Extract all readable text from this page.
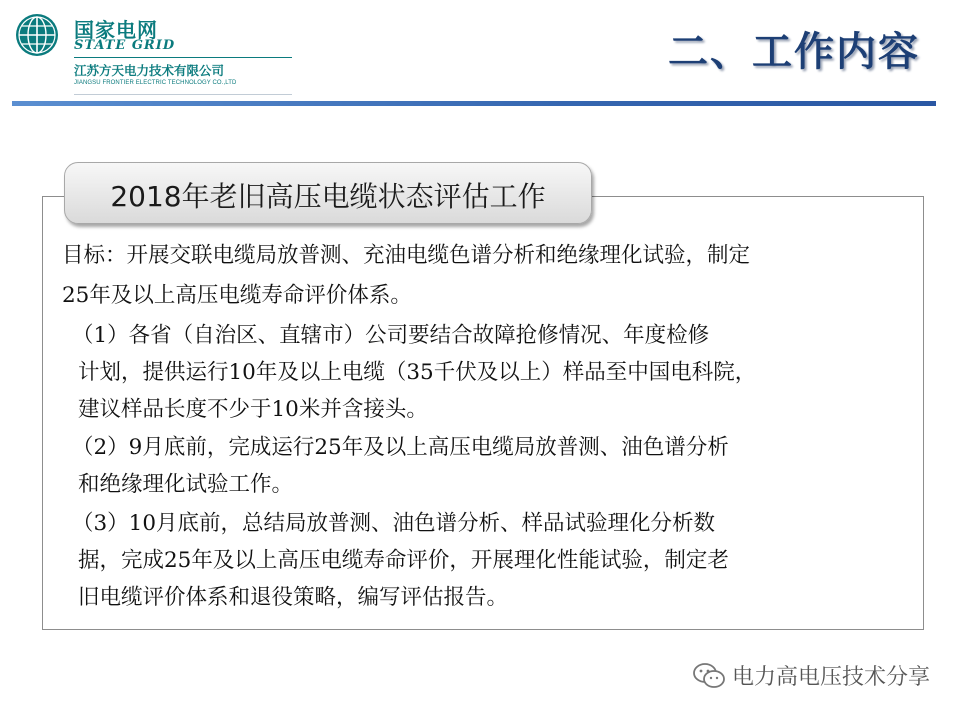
国家电网
STATE GRID
江苏方天电力技术有限公司
JIANGSU FRONTIER ELECTRIC TECHNOLOGY CO.,LTD
二、工作内容
2018年老旧高压电缆状态评估工作
目标：开展交联电缆局放普测、充油电缆色谱分析和绝缘理化试验，制定
25年及以上高压电缆寿命评价体系。
（1）各省（自治区、直辖市）公司要结合故障抢修情况、年度检修
计划，提供运行10年及以上电缆（35千伏及以上）样品至中国电科院，
建议样品长度不少于10米并含接头。
（2）9月底前，完成运行25年及以上高压电缆局放普测、油色谱分析
和绝缘理化试验工作。
（3）10月底前，总结局放普测、油色谱分析、样品试验理化分析数
据，完成25年及以上高压电缆寿命评价，开展理化性能试验，制定老
旧电缆评价体系和退役策略，编写评估报告。
电力高电压技术分享
